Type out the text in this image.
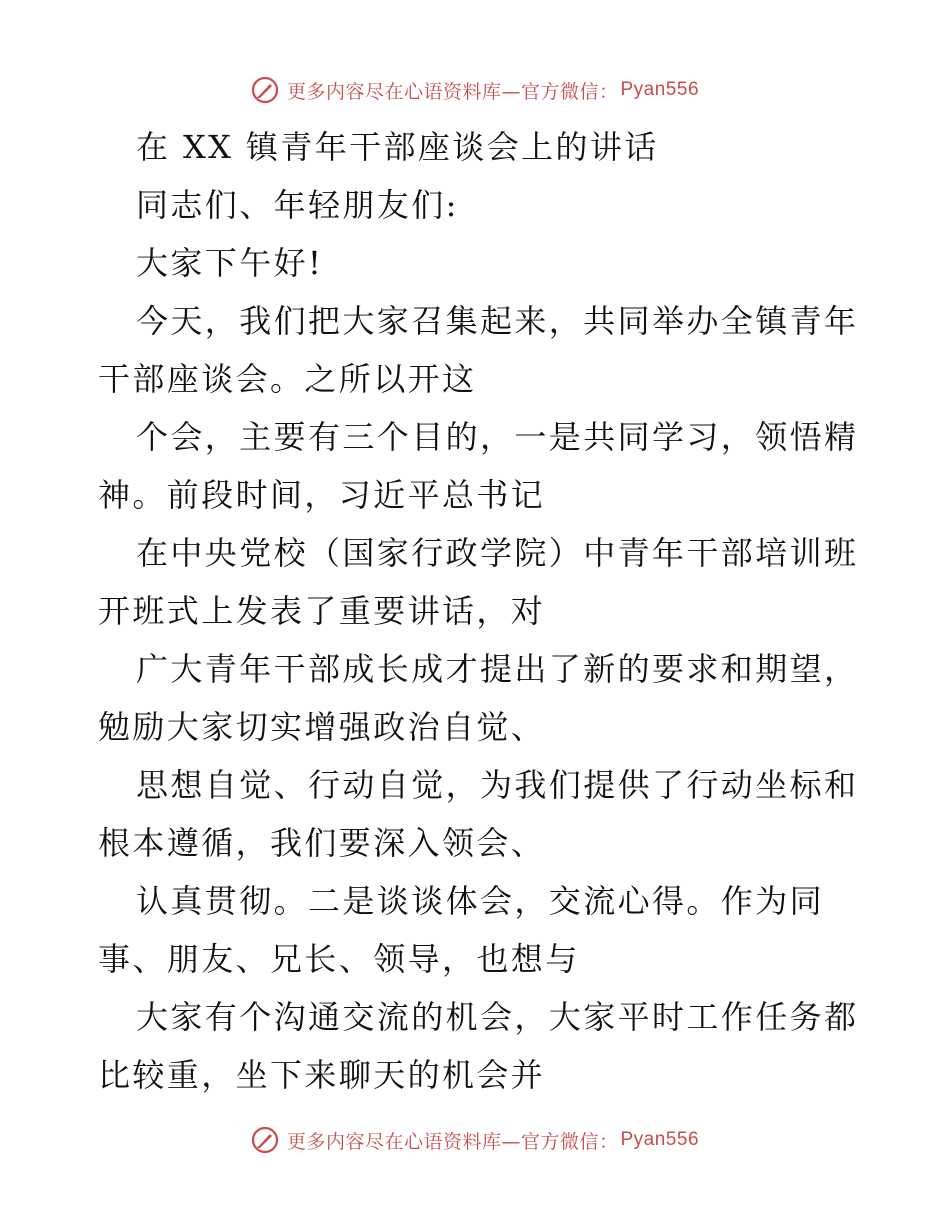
更多内容尽在心语资料库—官方微信： Pyan556
在 XX 镇青年干部座谈会上的讲话
同志们、年轻朋友们:
大家下午好!
今天，我们把大家召集起来，共同举办全镇青年
干部座谈会。之所以开这
个会，主要有三个目的，一是共同学习，领悟精
神。前段时间，习近平总书记
在中央党校（国家行政学院）中青年干部培训班
开班式上发表了重要讲话，对
广大青年干部成长成才提出了新的要求和期望，
勉励大家切实增强政治自觉、
思想自觉、行动自觉，为我们提供了行动坐标和
根本遵循，我们要深入领会、
认真贯彻。二是谈谈体会，交流心得。作为同
事、朋友、兄长、领导，也想与
大家有个沟通交流的机会，大家平时工作任务都
比较重，坐下来聊天的机会并
更多内容尽在心语资料库—官方微信： Pyan556
